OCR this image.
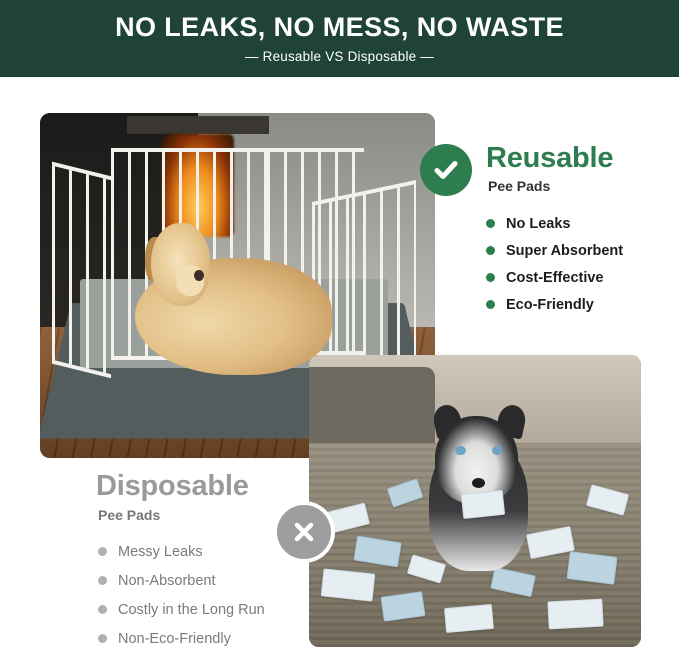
NO LEAKS, NO MESS, NO WASTE
— Reusable VS Disposable —
Reusable
Pee Pads
No Leaks
Super Absorbent
Cost-Effective
Eco-Friendly
Disposable
Pee Pads
Messy Leaks
Non-Absorbent
Costly in the Long Run
Non-Eco-Friendly
